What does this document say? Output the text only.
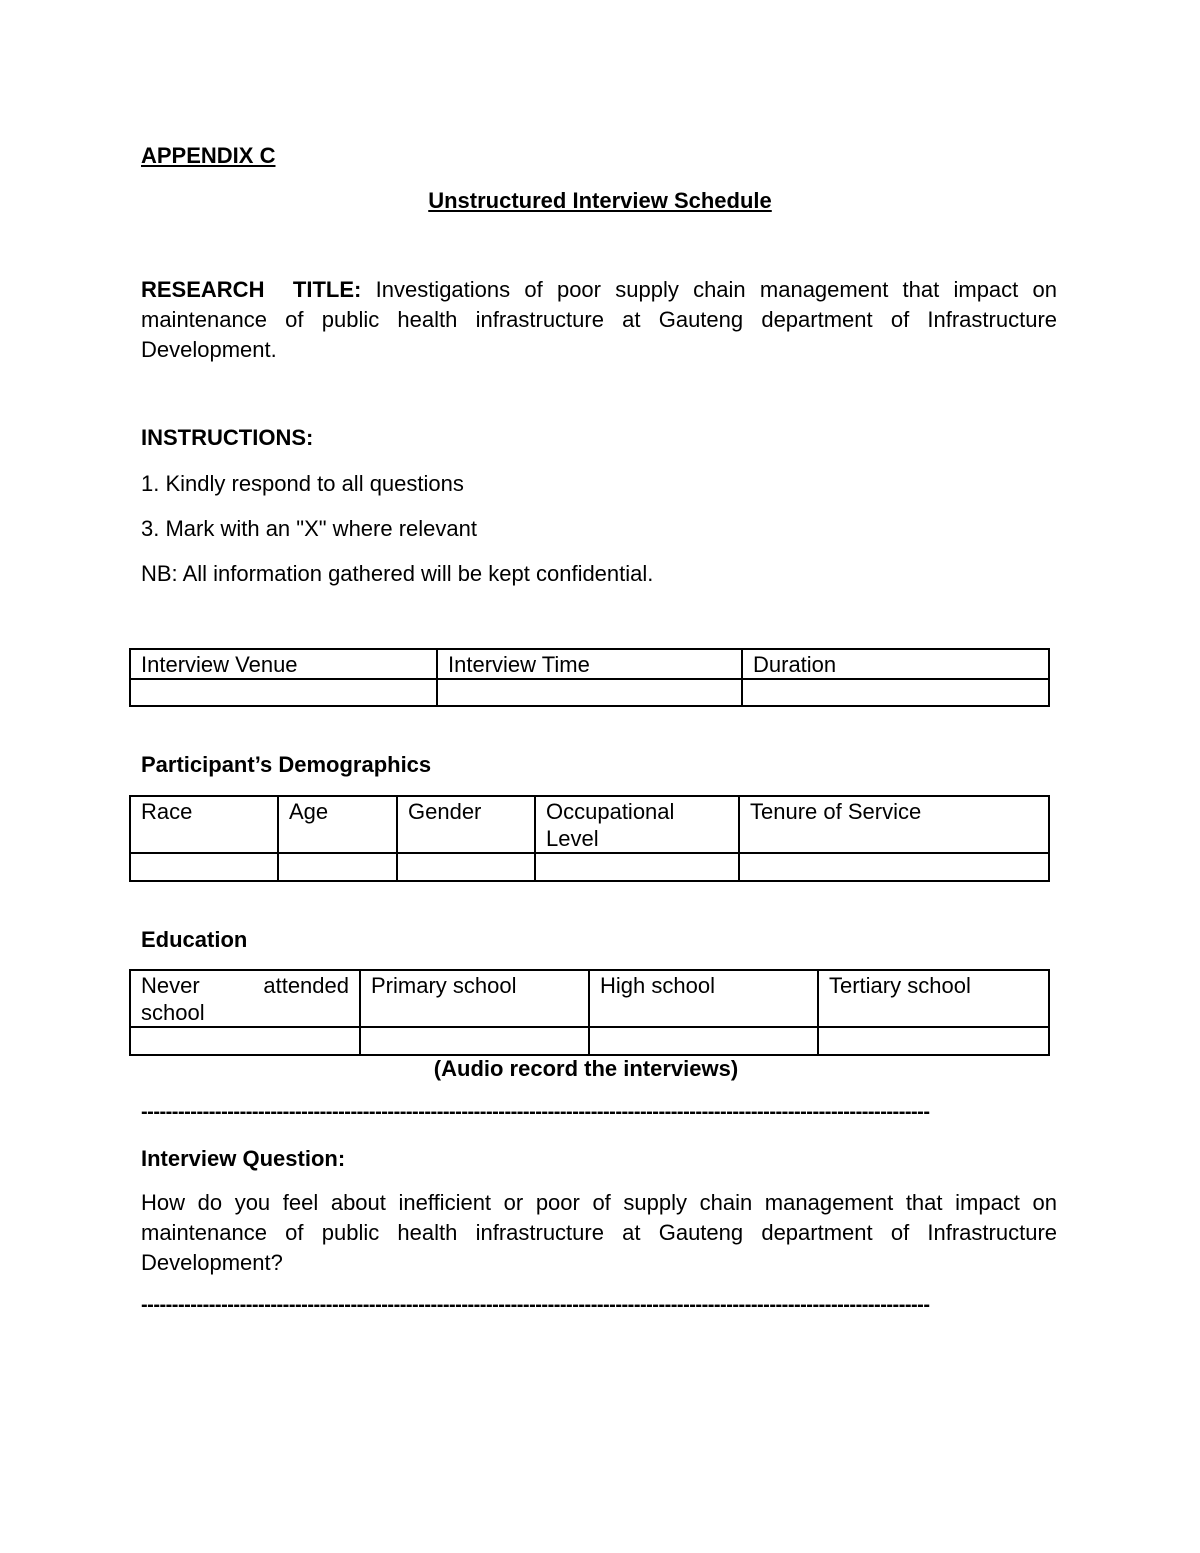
APPENDIX C
Unstructured Interview Schedule
RESEARCH  TITLE: Investigations of poor supply chain management that impact on maintenance of public health infrastructure at Gauteng department of Infrastructure Development.
INSTRUCTIONS:
1. Kindly respond to all questions
3. Mark with an "X" where relevant
NB: All information gathered will be kept confidential.
Interview Venue	Interview Time	Duration

Participant’s Demographics
Race	Age	Gender	Occupational Level	Tenure of Service

Education
Never attended school	Primary school	High school	Tertiary school

(Audio record the interviews)
--------------------------------------------------------------------------------------------------------------------------------
Interview Question:
How do you feel about inefficient or poor of supply chain management that impact on maintenance of public health infrastructure at Gauteng department of Infrastructure Development?
--------------------------------------------------------------------------------------------------------------------------------
